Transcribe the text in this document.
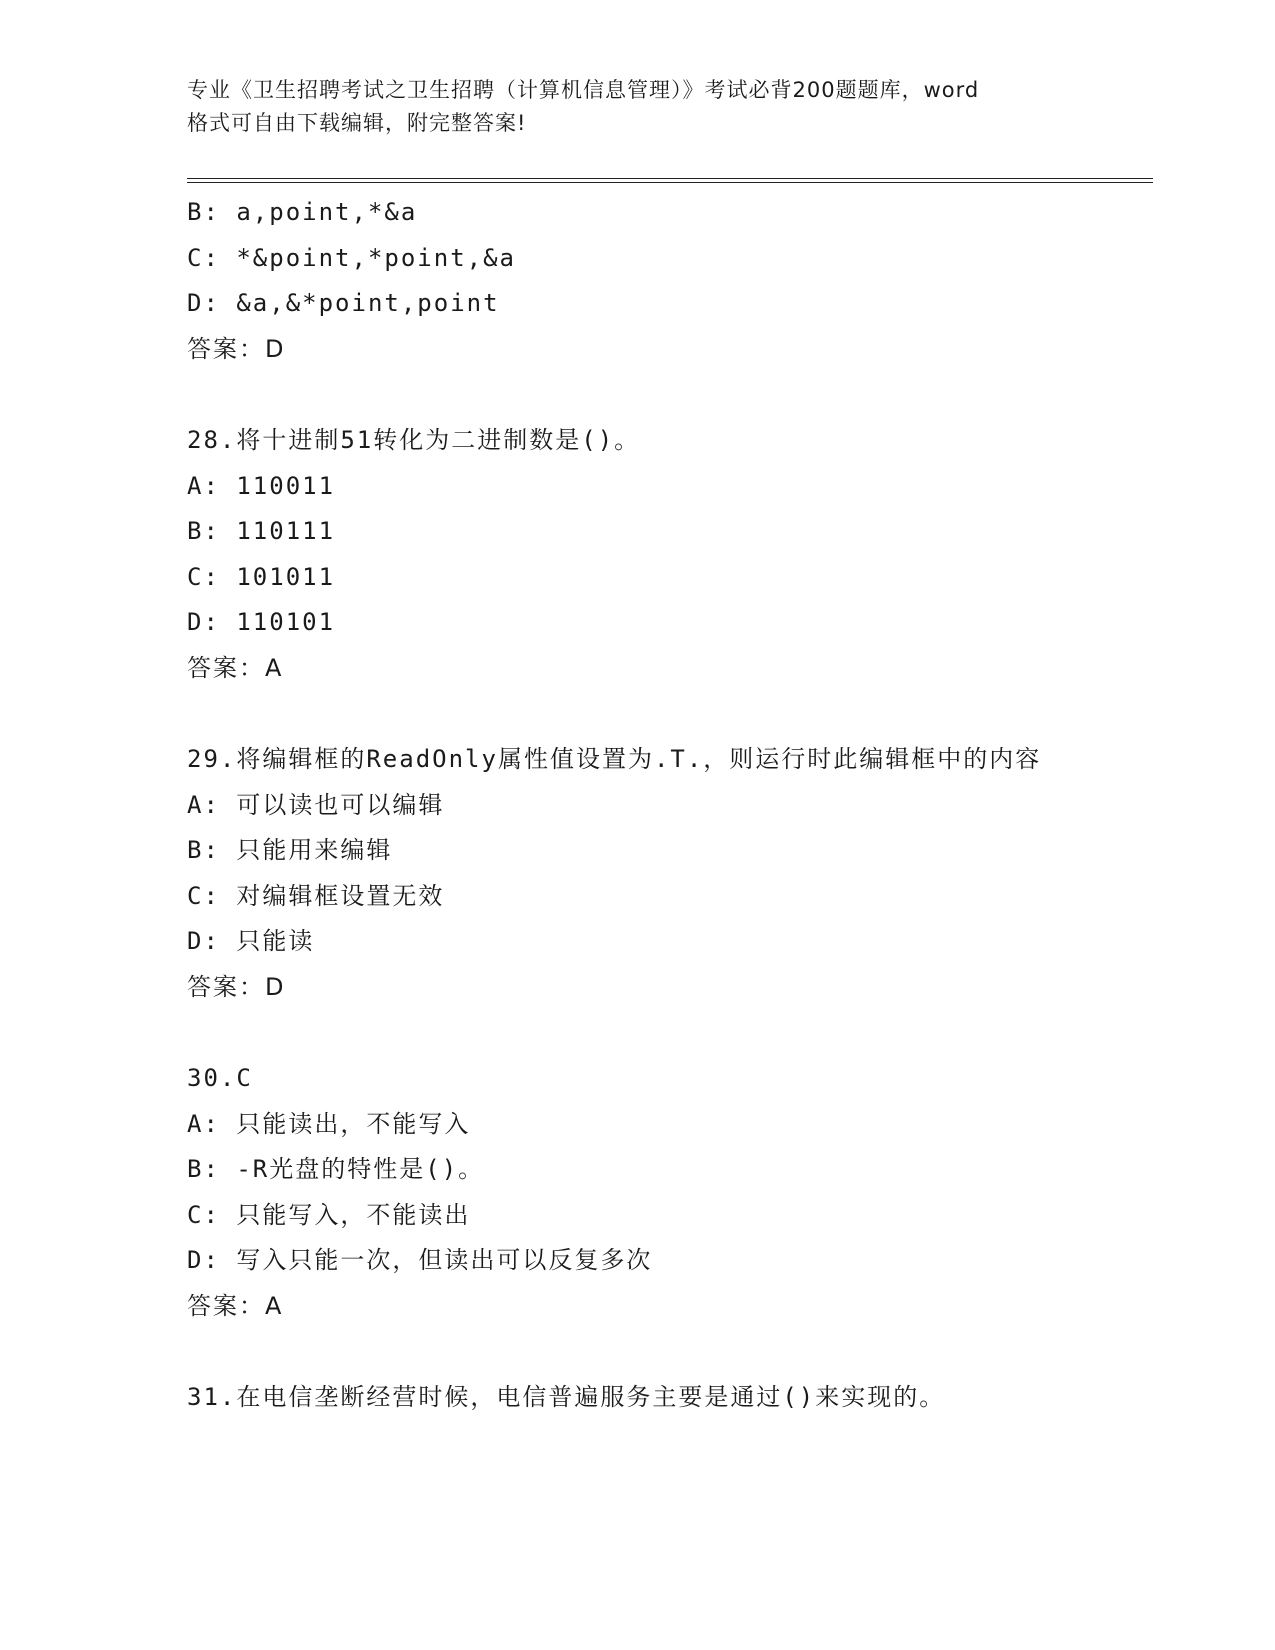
专业《卫生招聘考试之卫生招聘（计算机信息管理）》考试必背200题题库，word
格式可自由下载编辑，附完整答案!
B: a,point,*&a
C: *&point,*point,&a
D: &a,&*point,point
答案：D
28.将十进制51转化为二进制数是()。
A: 110011
B: 110111
C: 101011
D: 110101
答案：A
29.将编辑框的ReadOnly属性值设置为.T.，则运行时此编辑框中的内容
A: 可以读也可以编辑
B: 只能用来编辑
C: 对编辑框设置无效
D: 只能读
答案：D
30.C
A: 只能读出，不能写入
B: -R光盘的特性是()。
C: 只能写入，不能读出
D: 写入只能一次，但读出可以反复多次
答案：A
31.在电信垄断经营时候，电信普遍服务主要是通过()来实现的。
